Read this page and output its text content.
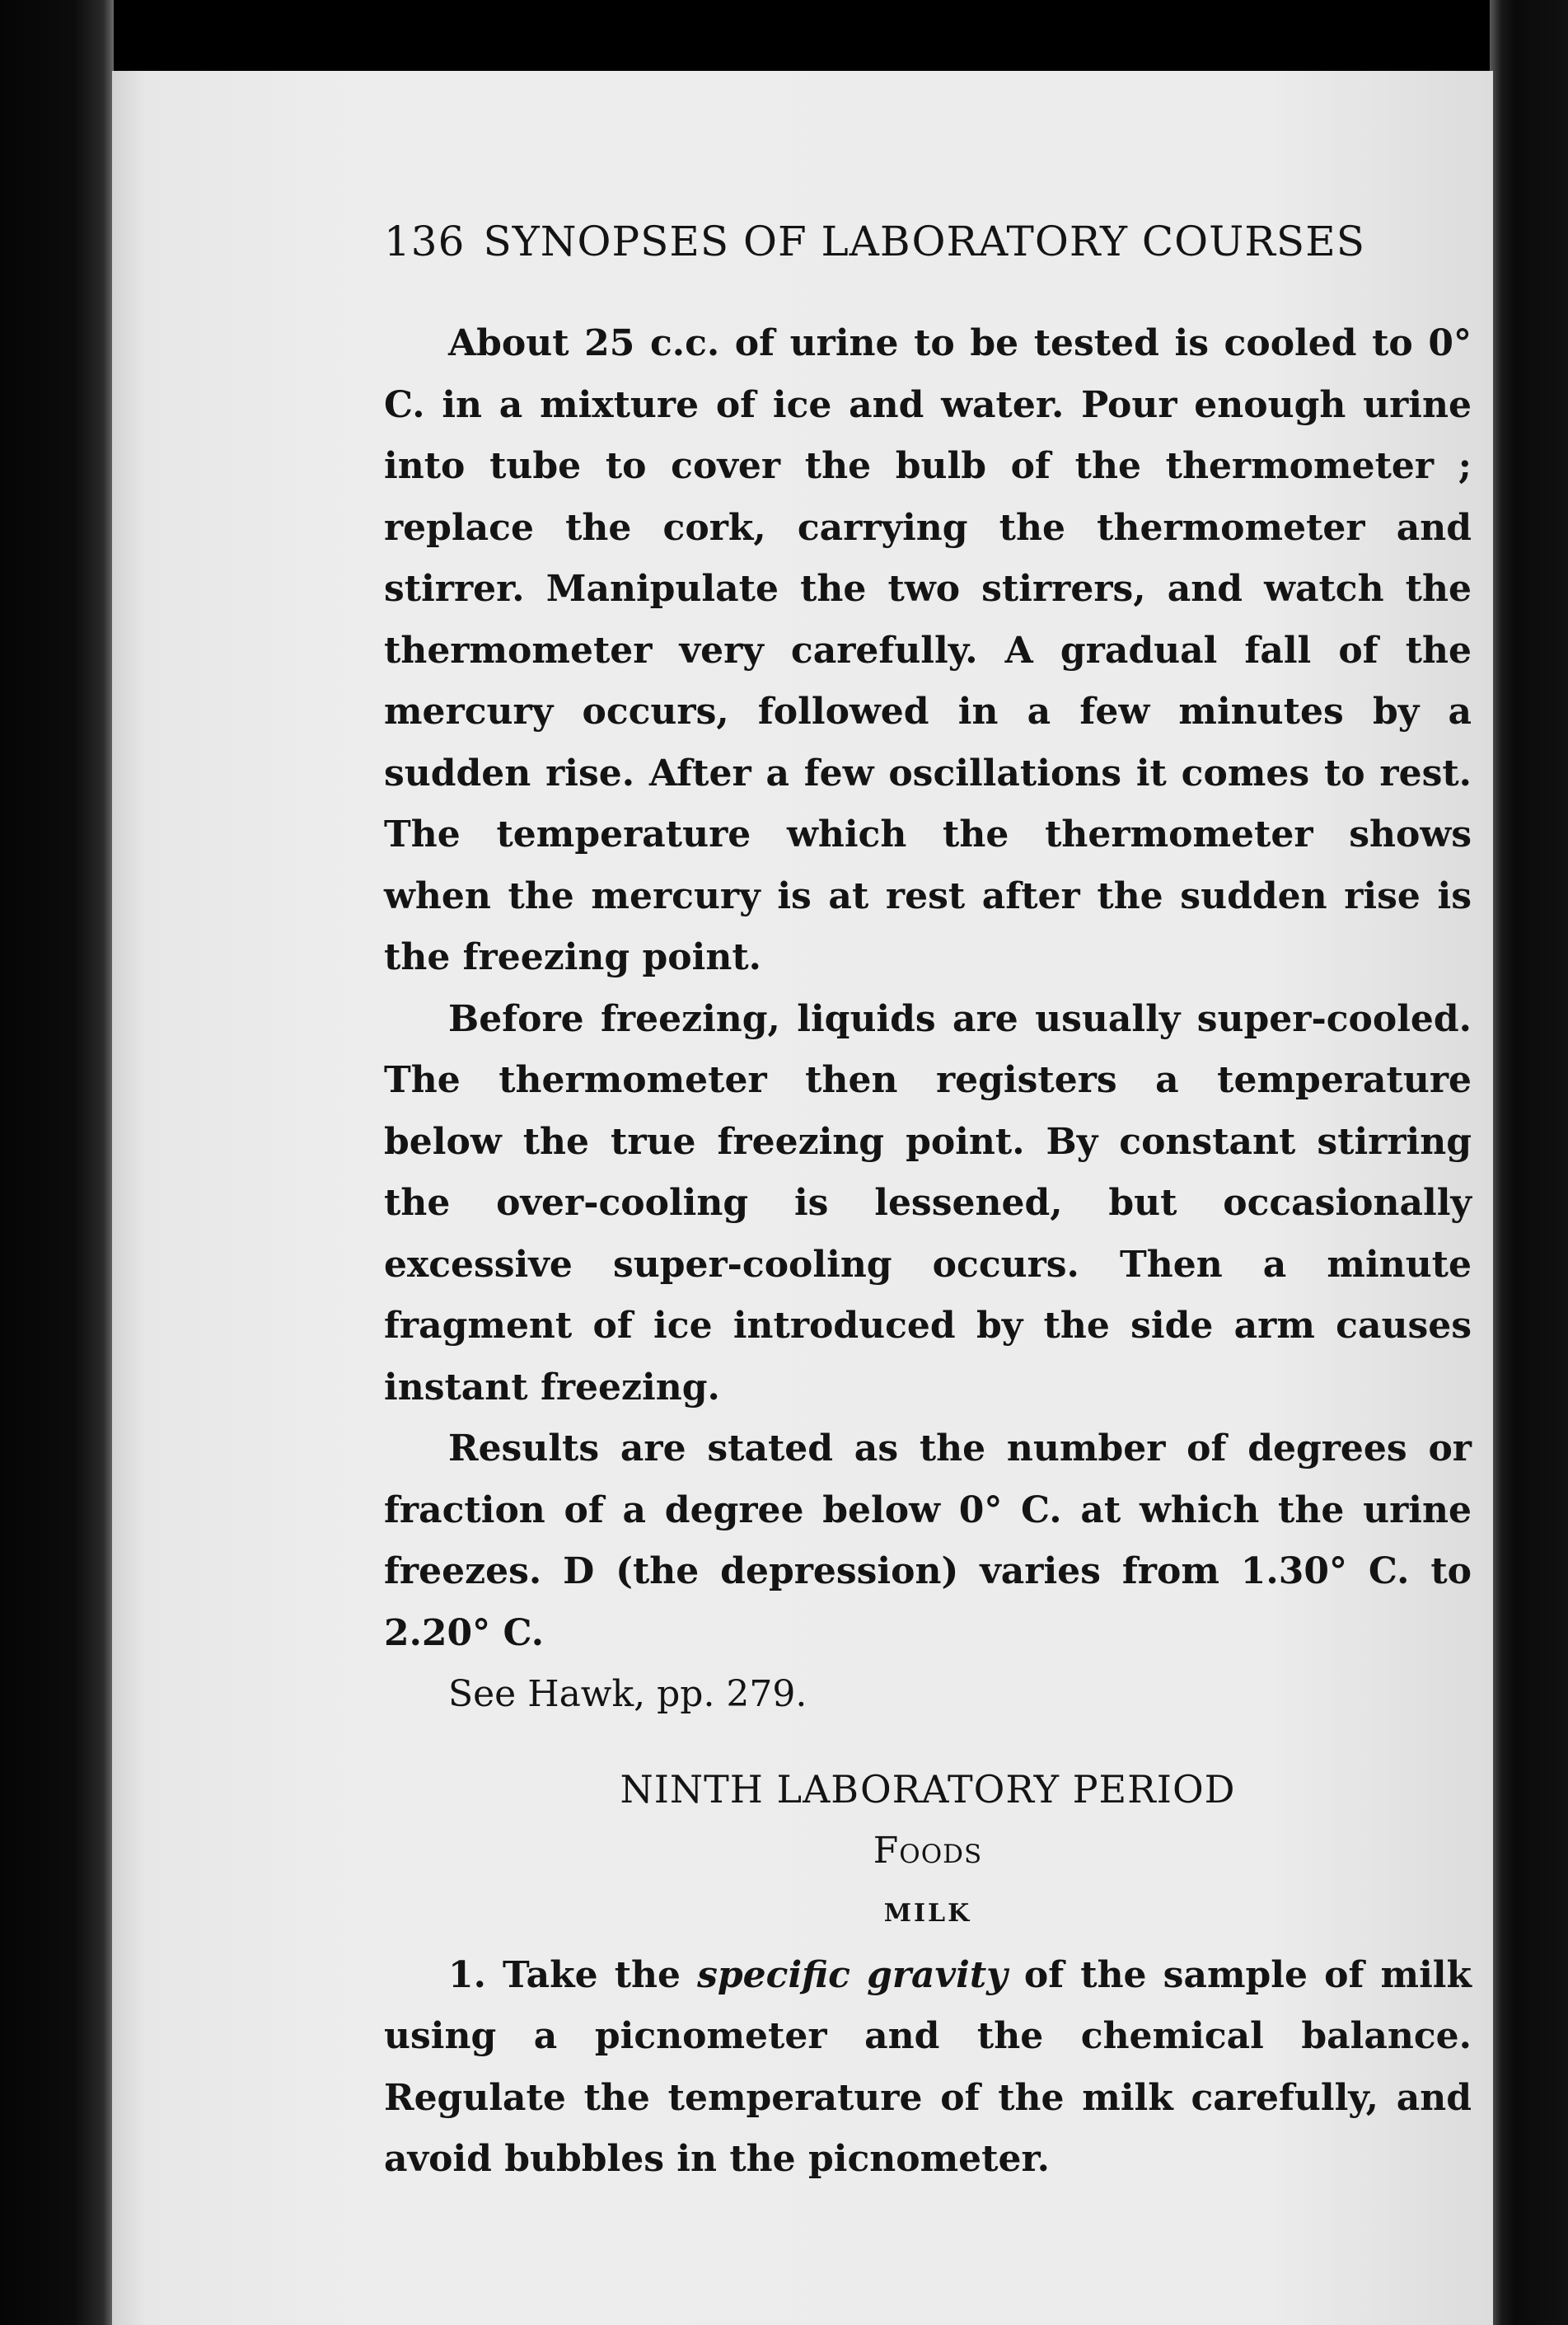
136 SYNOPSES OF LABORATORY COURSES

About 25 c.c. of urine to be tested is cooled to 0° C. in a mixture of ice and water. Pour enough urine into tube to cover the bulb of the thermometer ; replace the cork, carrying the thermometer and stirrer. Manipulate the two stirrers, and watch the thermometer very carefully. A gradual fall of the mercury occurs, followed in a few minutes by a sudden rise. After a few oscillations it comes to rest. The temperature which the thermometer shows when the mercury is at rest after the sudden rise is the freezing point.

Before freezing, liquids are usually super-cooled. The thermometer then registers a temperature below the true freezing point. By constant stirring the over-cooling is lessened, but occasionally excessive super-cooling occurs. Then a minute fragment of ice introduced by the side arm causes instant freezing.

Results are stated as the number of degrees or fraction of a degree below 0° C. at which the urine freezes. D (the depression) varies from 1.30° C. to 2.20° C.

See Hawk, pp. 279.
NINTH LABORATORY PERIOD
Foods
MILK

1. Take the specific gravity of the sample of milk using a picnometer and the chemical balance. Regulate the temperature of the milk carefully, and avoid bubbles in the picnometer.
